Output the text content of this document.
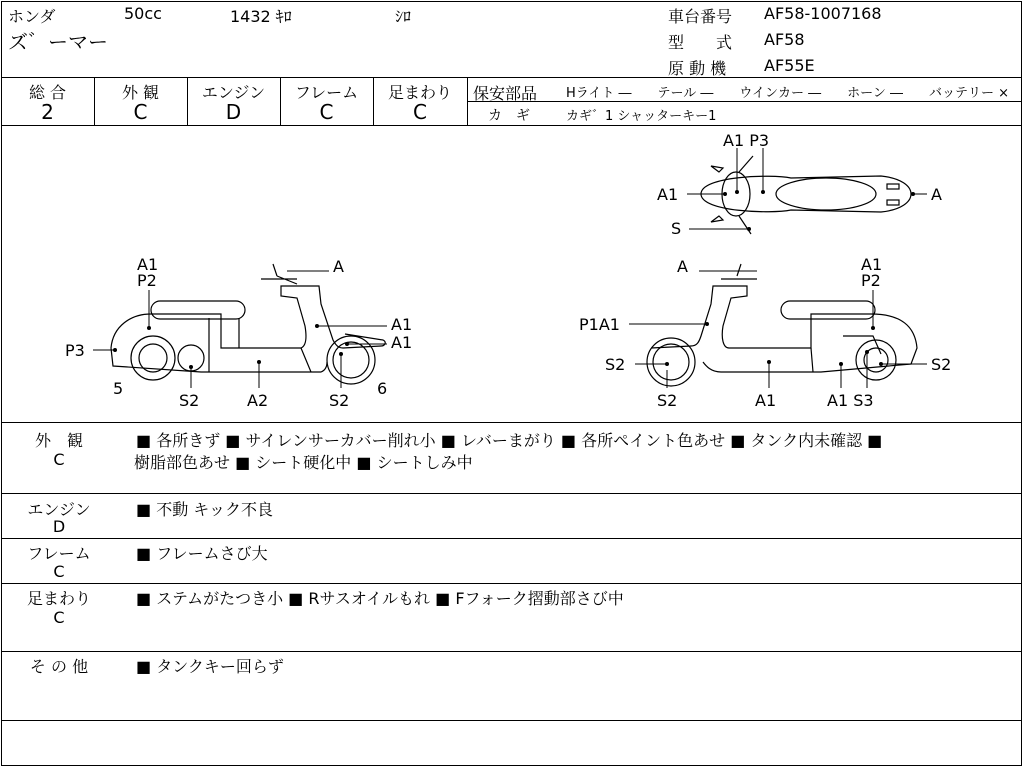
ホンダ	50cc	1432 ｷﾛ	ｼﾛ
ズ゛ーマー
車台番号 AF58-1007168
型　　式 AF58
原 動 機 AF55E
総 合
2
外 観
C
エンジン
D
フレーム
C
足まわり
C
保安部品 Hライト ―　　テール ―　　ウインカー ―　　ホーン ―　　バッテリー ×
カ　ギ	カギ゛1 シャッターキー1
A1 P3
A1	A
S
A1
P2
A
A1
A1
P3
5
S2	A2	S2
6
A	A1
P2
P1A1
S2
S2	A1	A1 S3
S2
外　観
C
■ 各所きず ■ サイレンサーカバー削れ小 ■ レバーまがり ■ 各所ペイント色あせ ■ タンク内未確認 ■
樹脂部色あせ ■ シート硬化中 ■ シートしみ中
エンジン
D
■ 不動 キック不良
フレーム
C
■ フレームさび大
足まわり
C
■ ステムがたつき小 ■ Rサスオイルもれ ■ Fフォーク摺動部さび中
そ の 他	■ タンクキー回らず
